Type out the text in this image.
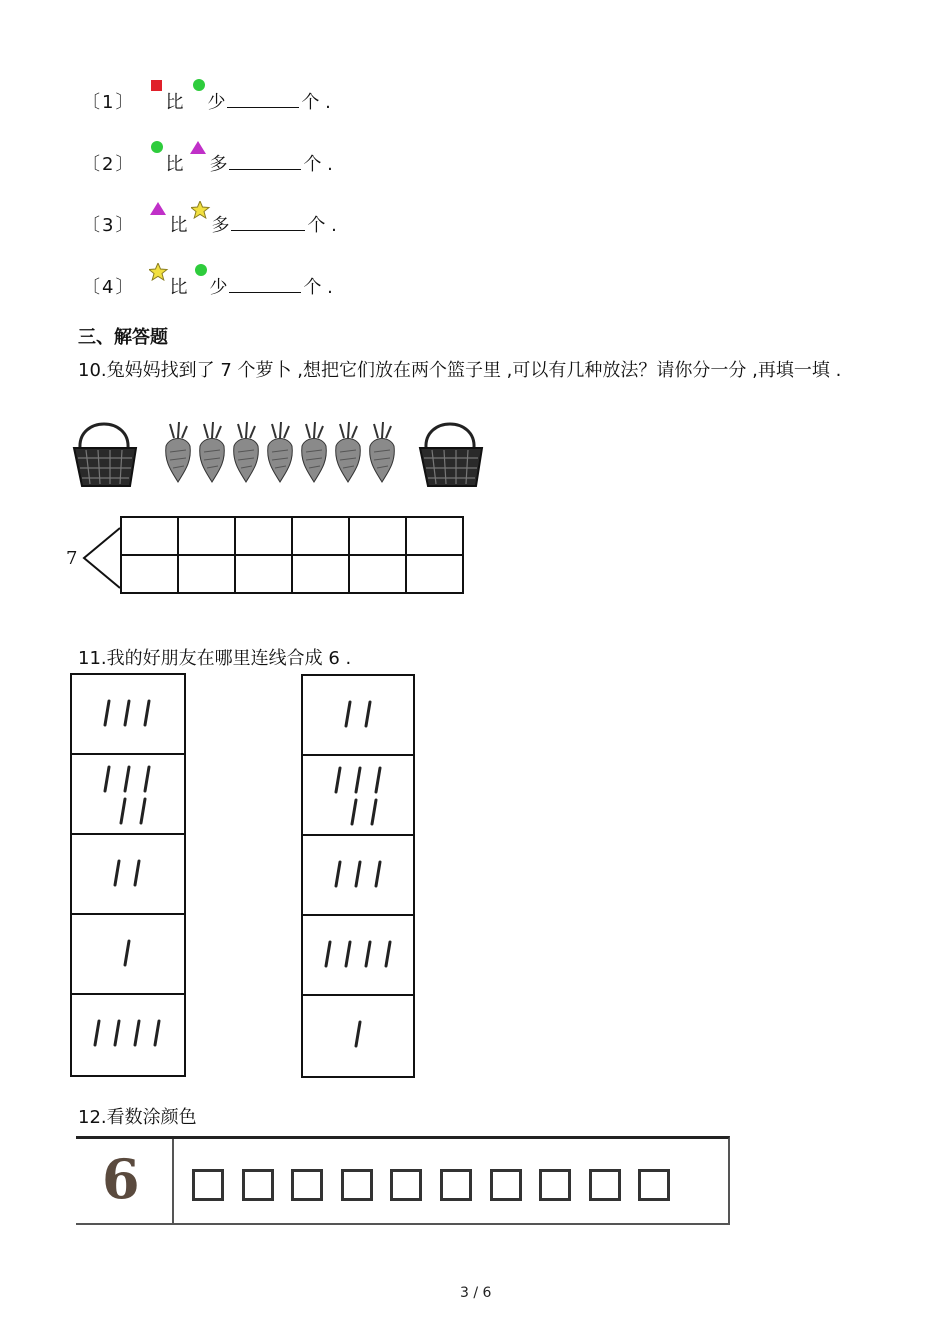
〔1〕 比 少	个 .
〔2〕 比 多	个 .
〔3〕 比 多	个 .
〔4〕 比 少	个 .
三、解答题
10.兔妈妈找到了 7 个萝卜 ,想把它们放在两个篮子里 ,可以有几种放法？请你分一分 ,再填一填 .
7

11.我的好朋友在哪里连线合成 6 .
12.看数涂颜色
6
3 / 6
